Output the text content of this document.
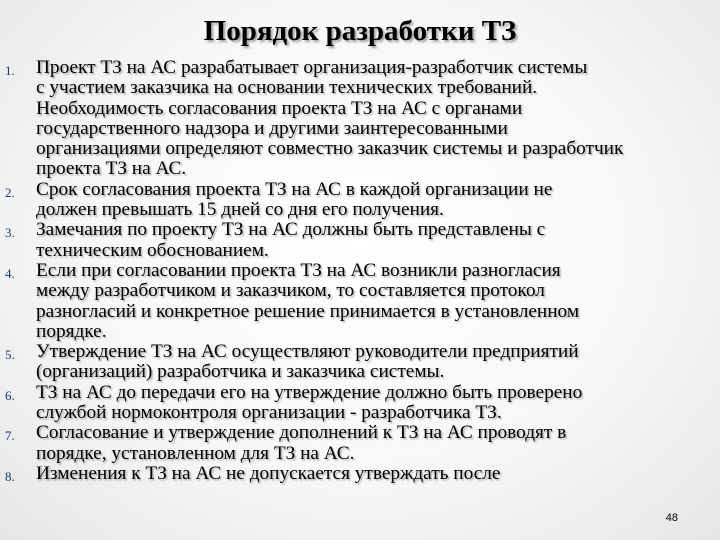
Порядок разработки ТЗ
1. Проект ТЗ на АС разрабатывает организация-разработчик системы
с участием заказчика на основании технических требований.
Необходимость согласования проекта ТЗ на АС с органами
государственного надзора и другими заинтересованными
организациями определяют совместно заказчик системы и разработчик
проекта ТЗ на АС.
2. Срок согласования проекта ТЗ на АС в каждой организации не
должен превышать 15 дней со дня его получения.
3. Замечания по проекту ТЗ на АС должны быть представлены с
техническим обоснованием.
4. Если при согласовании проекта ТЗ на АС возникли разногласия
между разработчиком и заказчиком, то составляется протокол
разногласий и конкретное решение принимается в установленном
порядке.
5. Утверждение ТЗ на АС осуществляют руководители предприятий
(организаций) разработчика и заказчика системы.
6. ТЗ на АС до передачи его на утверждение должно быть проверено
службой нормоконтроля организации - разработчика ТЗ.
7. Согласование и утверждение дополнений к ТЗ на АС проводят в
порядке, установленном для ТЗ на АС.
8. Изменения к ТЗ на АС не допускается утверждать после
48
